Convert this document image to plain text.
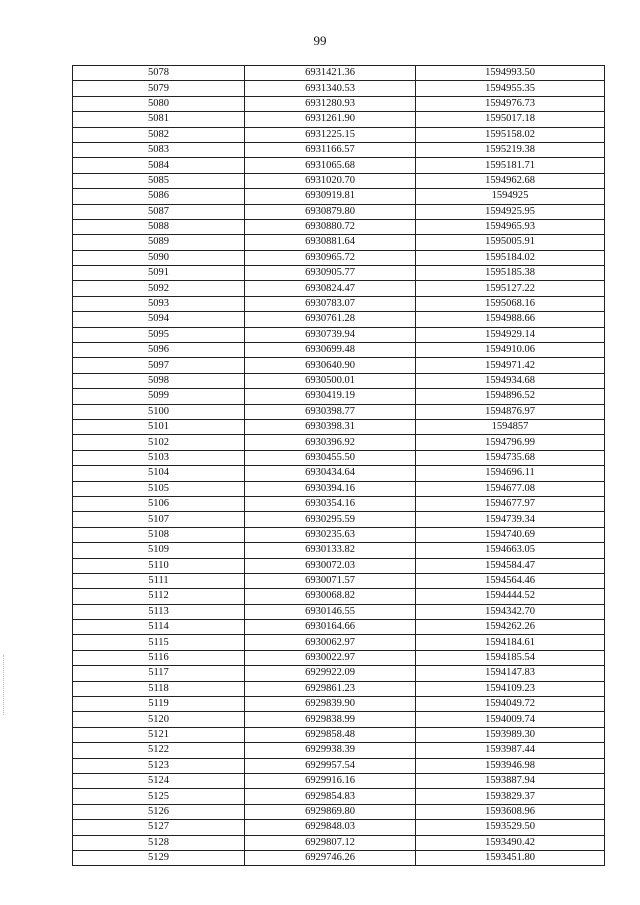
99
5078	6931421.36	1594993.50
5079	6931340.53	1594955.35
5080	6931280.93	1594976.73
5081	6931261.90	1595017.18
5082	6931225.15	1595158.02
5083	6931166.57	1595219.38
5084	6931065.68	1595181.71
5085	6931020.70	1594962.68
5086	6930919.81	1594925
5087	6930879.80	1594925.95
5088	6930880.72	1594965.93
5089	6930881.64	1595005.91
5090	6930965.72	1595184.02
5091	6930905.77	1595185.38
5092	6930824.47	1595127.22
5093	6930783.07	1595068.16
5094	6930761.28	1594988.66
5095	6930739.94	1594929.14
5096	6930699.48	1594910.06
5097	6930640.90	1594971.42
5098	6930500.01	1594934.68
5099	6930419.19	1594896.52
5100	6930398.77	1594876.97
5101	6930398.31	1594857
5102	6930396.92	1594796.99
5103	6930455.50	1594735.68
5104	6930434.64	1594696.11
5105	6930394.16	1594677.08
5106	6930354.16	1594677.97
5107	6930295.59	1594739.34
5108	6930235.63	1594740.69
5109	6930133.82	1594663.05
5110	6930072.03	1594584.47
5111	6930071.57	1594564.46
5112	6930068.82	1594444.52
5113	6930146.55	1594342.70
5114	6930164.66	1594262.26
5115	6930062.97	1594184.61
5116	6930022.97	1594185.54
5117	6929922.09	1594147.83
5118	6929861.23	1594109.23
5119	6929839.90	1594049.72
5120	6929838.99	1594009.74
5121	6929858.48	1593989.30
5122	6929938.39	1593987.44
5123	6929957.54	1593946.98
5124	6929916.16	1593887.94
5125	6929854.83	1593829.37
5126	6929869.80	1593608.96
5127	6929848.03	1593529.50
5128	6929807.12	1593490.42
5129	6929746.26	1593451.80
